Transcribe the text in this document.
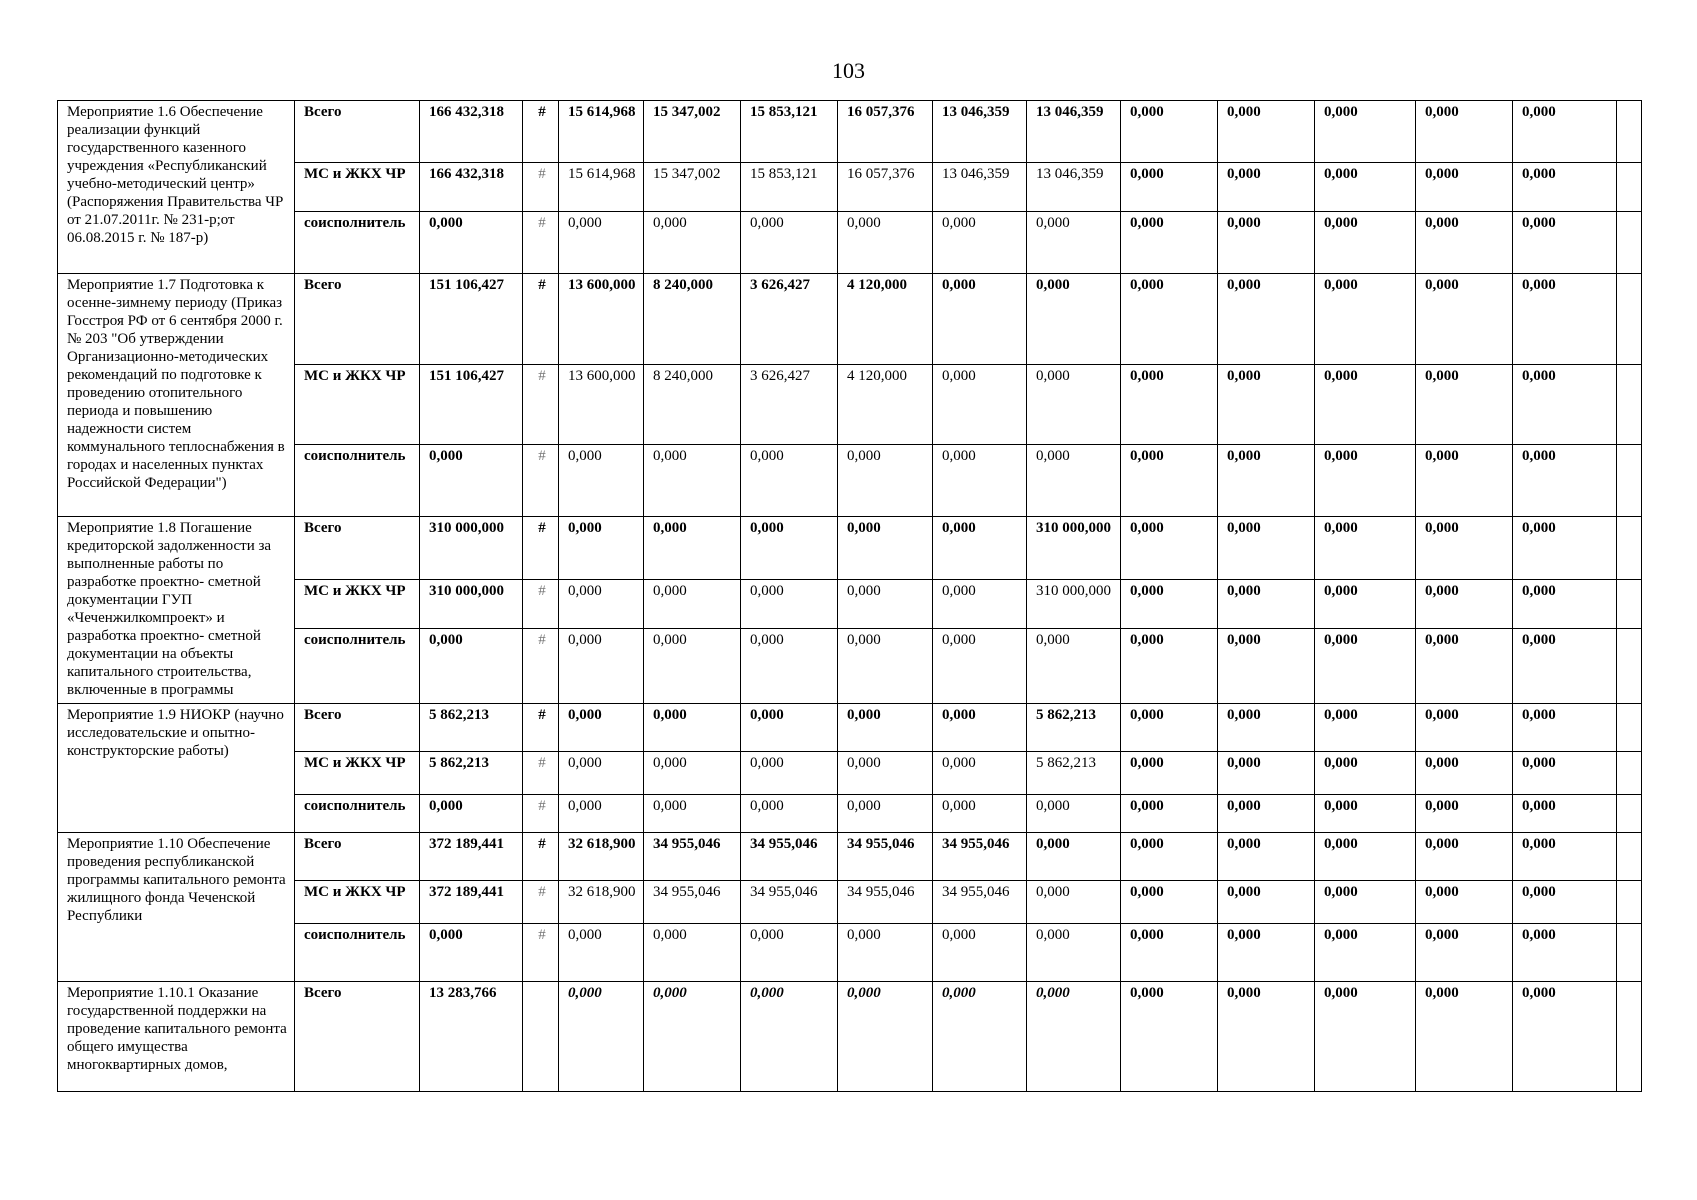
103
Мероприятие 1.6 Обеспечение реализации функций государственного казенного учреждения «Республиканский учебно-методический центр» (Распоряжения Правительства ЧР от 21.07.2011г. № 231-р;от 06.08.2015 г. № 187-р)	Всего	166 432,318	#	15 614,968	15 347,002	15 853,121	16 057,376	13 046,359	13 046,359	0,000	0,000	0,000	0,000	0,000	
	МС и ЖКХ ЧР	166 432,318	#	15 614,968	15 347,002	15 853,121	16 057,376	13 046,359	13 046,359	0,000	0,000	0,000	0,000	0,000	
	соисполнитель	0,000	#	0,000	0,000	0,000	0,000	0,000	0,000	0,000	0,000	0,000	0,000	0,000	
Мероприятие 1.7 Подготовка к осенне-зимнему периоду (Приказ Госстроя РФ от 6 сентября 2000 г. № 203 "Об утверждении Организационно-методических рекомендаций по подготовке к проведению отопительного периода и повышению надежности систем коммунального теплоснабжения в городах и населенных пунктах Российской Федерации")	Всего	151 106,427	#	13 600,000	8 240,000	3 626,427	4 120,000	0,000	0,000	0,000	0,000	0,000	0,000	0,000	
	МС и ЖКХ ЧР	151 106,427	#	13 600,000	8 240,000	3 626,427	4 120,000	0,000	0,000	0,000	0,000	0,000	0,000	0,000	
	соисполнитель	0,000	#	0,000	0,000	0,000	0,000	0,000	0,000	0,000	0,000	0,000	0,000	0,000	
Мероприятие 1.8 Погашение кредиторской задолженности за выполненные работы по разработке проектно- сметной документации ГУП «Чеченжилкомпроект» и разработка проектно- сметной документации на объекты капитального строительства, включенные в программы	Всего	310 000,000	#	0,000	0,000	0,000	0,000	0,000	310 000,000	0,000	0,000	0,000	0,000	0,000	
	МС и ЖКХ ЧР	310 000,000	#	0,000	0,000	0,000	0,000	0,000	310 000,000	0,000	0,000	0,000	0,000	0,000	
	соисполнитель	0,000	#	0,000	0,000	0,000	0,000	0,000	0,000	0,000	0,000	0,000	0,000	0,000	
Мероприятие 1.9 НИОКР (научно исследовательские и опытно- конструкторские работы)	Всего	5 862,213	#	0,000	0,000	0,000	0,000	0,000	5 862,213	0,000	0,000	0,000	0,000	0,000	
	МС и ЖКХ ЧР	5 862,213	#	0,000	0,000	0,000	0,000	0,000	5 862,213	0,000	0,000	0,000	0,000	0,000	
	соисполнитель	0,000	#	0,000	0,000	0,000	0,000	0,000	0,000	0,000	0,000	0,000	0,000	0,000	
Мероприятие 1.10 Обеспечение проведения республиканской программы капитального ремонта жилищного фонда Чеченской Республики	Всего	372 189,441	#	32 618,900	34 955,046	34 955,046	34 955,046	34 955,046	0,000	0,000	0,000	0,000	0,000	0,000	
	МС и ЖКХ ЧР	372 189,441	#	32 618,900	34 955,046	34 955,046	34 955,046	34 955,046	0,000	0,000	0,000	0,000	0,000	0,000	
	соисполнитель	0,000	#	0,000	0,000	0,000	0,000	0,000	0,000	0,000	0,000	0,000	0,000	0,000	
Мероприятие 1.10.1 Оказание государственной поддержки на проведение капитального ремонта общего имущества многоквартирных домов,	Всего	13 283,766		0,000	0,000	0,000	0,000	0,000	0,000	0,000	0,000	0,000	0,000	0,000	
